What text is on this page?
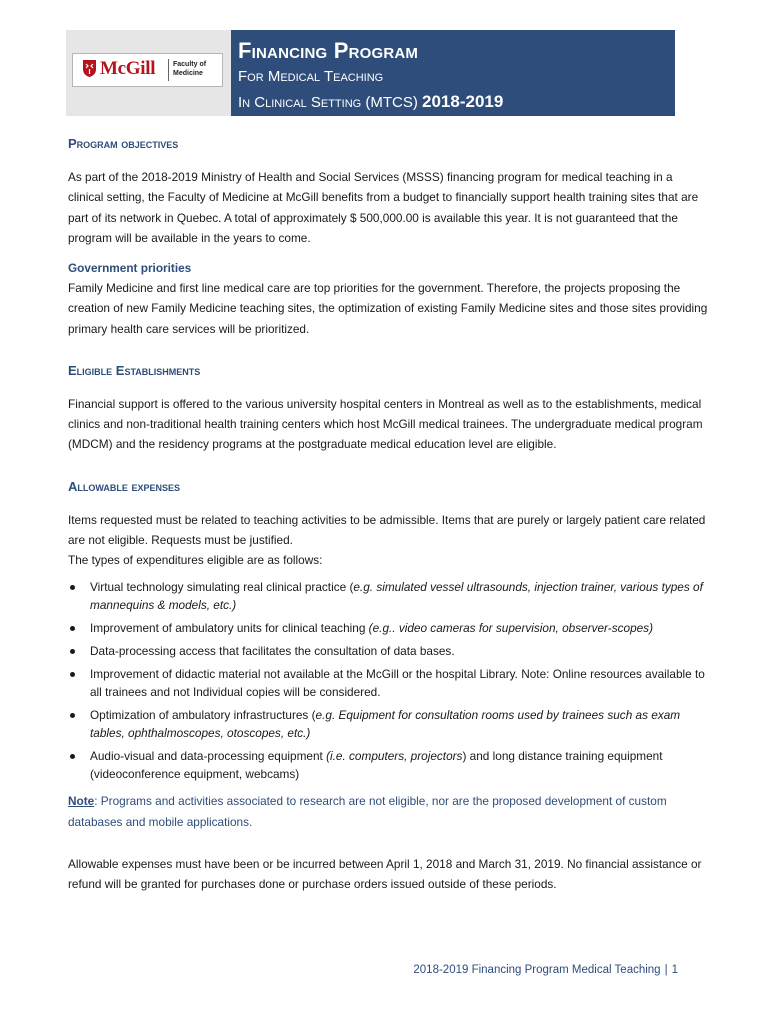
McGill	Faculty of
Medicine
Financing Program
For Medical Teaching
In Clinical Setting (MTCS) 2018-2019
Program objectives

As part of the 2018-2019 Ministry of Health and Social Services (MSSS) financing program for medical teaching in a clinical setting, the Faculty of Medicine at McGill benefits from a budget to financially support health training sites that are part of its network in Quebec. A total of approximately $ 500,000.00 is available this year. It is not guaranteed that the program will be available in the years to come.

Government priorities

Family Medicine and first line medical care are top priorities for the government. Therefore, the projects proposing the creation of new Family Medicine teaching sites, the optimization of existing Family Medicine sites and those sites providing primary health care services will be prioritized.

Eligible Establishments

Financial support is offered to the various university hospital centers in Montreal as well as to the establishments, medical clinics and non-traditional health training centers which host McGill medical trainees. The undergraduate medical program (MDCM) and the residency programs at the postgraduate medical education level are eligible.

Allowable expenses

Items requested must be related to teaching activities to be admissible. Items that are purely or largely patient care related are not eligible. Requests must be justified.

The types of expenditures eligible are as follows:

Virtual technology simulating real clinical practice (e.g. simulated vessel ultrasounds, injection trainer, various types of mannequins & models, etc.)
Improvement of ambulatory units for clinical teaching (e.g.. video cameras for supervision, observer-scopes)
Data-processing access that facilitates the consultation of data bases.
Improvement of didactic material not available at the McGill or the hospital Library. Note: Online resources available to all trainees and not Individual copies will be considered.
Optimization of ambulatory infrastructures (e.g. Equipment for consultation rooms used by trainees such as exam tables, ophthalmoscopes, otoscopes, etc.)
Audio-visual and data-processing equipment (i.e. computers, projectors) and long distance training equipment (videoconference equipment, webcams)

Note: Programs and activities associated to research are not eligible, nor are the proposed development of custom databases and mobile applications.

Allowable expenses must have been or be incurred between April 1, 2018 and March 31, 2019. No financial assistance or refund will be granted for purchases done or purchase orders issued outside of these periods.

2018-2019 Financing Program Medical Teaching | 1
